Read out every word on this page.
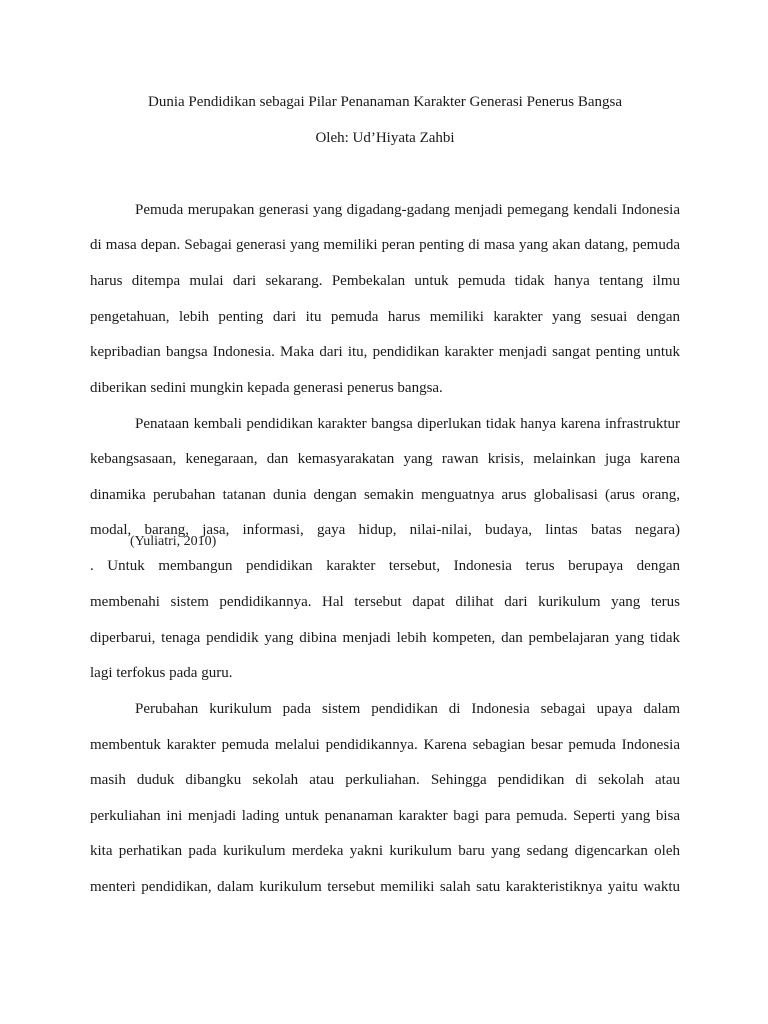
Dunia Pendidikan sebagai Pilar Penanaman Karakter Generasi Penerus Bangsa
Oleh: Ud’Hiyata Zahbi
Pemuda merupakan generasi yang digadang-gadang menjadi pemegang kendali Indonesia
di masa depan. Sebagai generasi yang memiliki peran penting di masa yang akan datang, pemuda
harus ditempa mulai dari sekarang. Pembekalan untuk pemuda tidak hanya tentang ilmu
pengetahuan, lebih penting dari itu pemuda harus memiliki karakter yang sesuai dengan
kepribadian bangsa Indonesia. Maka dari itu, pendidikan karakter menjadi sangat penting untuk
diberikan sedini mungkin kepada generasi penerus bangsa.
Penataan kembali pendidikan karakter bangsa diperlukan tidak hanya karena infrastruktur
kebangsasaan, kenegaraan, dan kemasyarakatan yang rawan krisis, melainkan juga karena
dinamika perubahan tatanan dunia dengan semakin menguatnya arus globalisasi (arus orang,
modal, barang, jasa, informasi, gaya hidup, nilai-nilai, budaya, lintas batas negara)
. Untuk membangun pendidikan karakter tersebut, Indonesia terus berupaya dengan
membenahi sistem pendidikannya. Hal tersebut dapat dilihat dari kurikulum yang terus
diperbarui, tenaga pendidik yang dibina menjadi lebih kompeten, dan pembelajaran yang tidak
lagi terfokus pada guru.
Perubahan kurikulum pada sistem pendidikan di Indonesia sebagai upaya dalam
membentuk karakter pemuda melalui pendidikannya. Karena sebagian besar pemuda Indonesia
masih duduk dibangku sekolah atau perkuliahan. Sehingga pendidikan di sekolah atau
perkuliahan ini menjadi lading untuk penanaman karakter bagi para pemuda. Seperti yang bisa
kita perhatikan pada kurikulum merdeka yakni kurikulum baru yang sedang digencarkan oleh
menteri pendidikan, dalam kurikulum tersebut memiliki salah satu karakteristiknya yaitu waktu
(Yuliatri, 2010)
